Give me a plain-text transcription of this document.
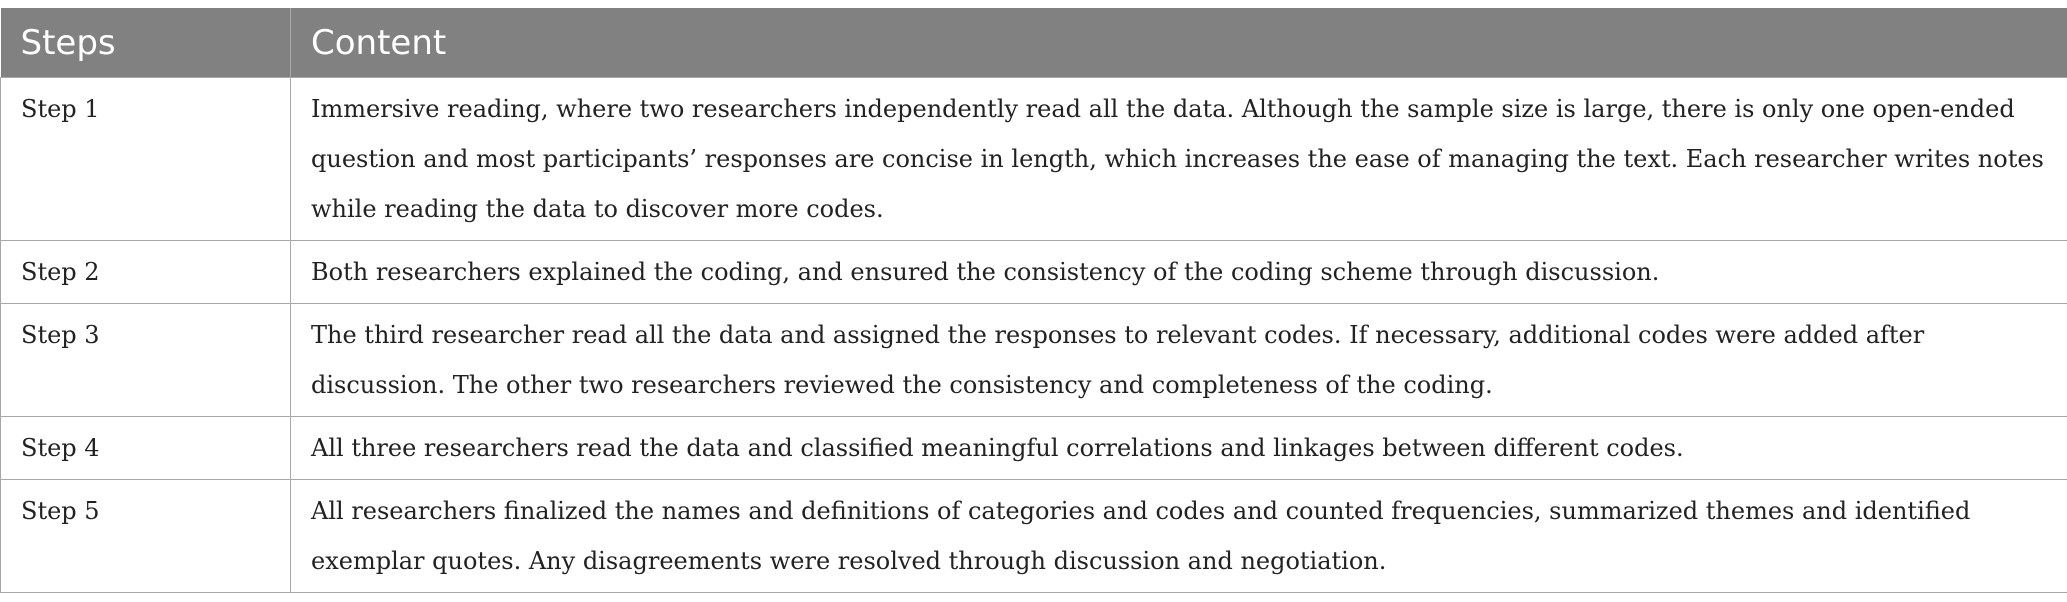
Steps	Content
Step 1	Immersive reading, where two researchers independently read all the data. Although the sample size is large, there is only one open-ended question and most participants’ responses are concise in length, which increases the ease of managing the text. Each researcher writes notes while reading the data to discover more codes.
Step 2	Both researchers explained the coding, and ensured the consistency of the coding scheme through discussion.
Step 3	The third researcher read all the data and assigned the responses to relevant codes. If necessary, additional codes were added after discussion. The other two researchers reviewed the consistency and completeness of the coding.
Step 4	All three researchers read the data and classified meaningful correlations and linkages between different codes.
Step 5	All researchers finalized the names and definitions of categories and codes and counted frequencies, summarized themes and identified exemplar quotes. Any disagreements were resolved through discussion and negotiation.
